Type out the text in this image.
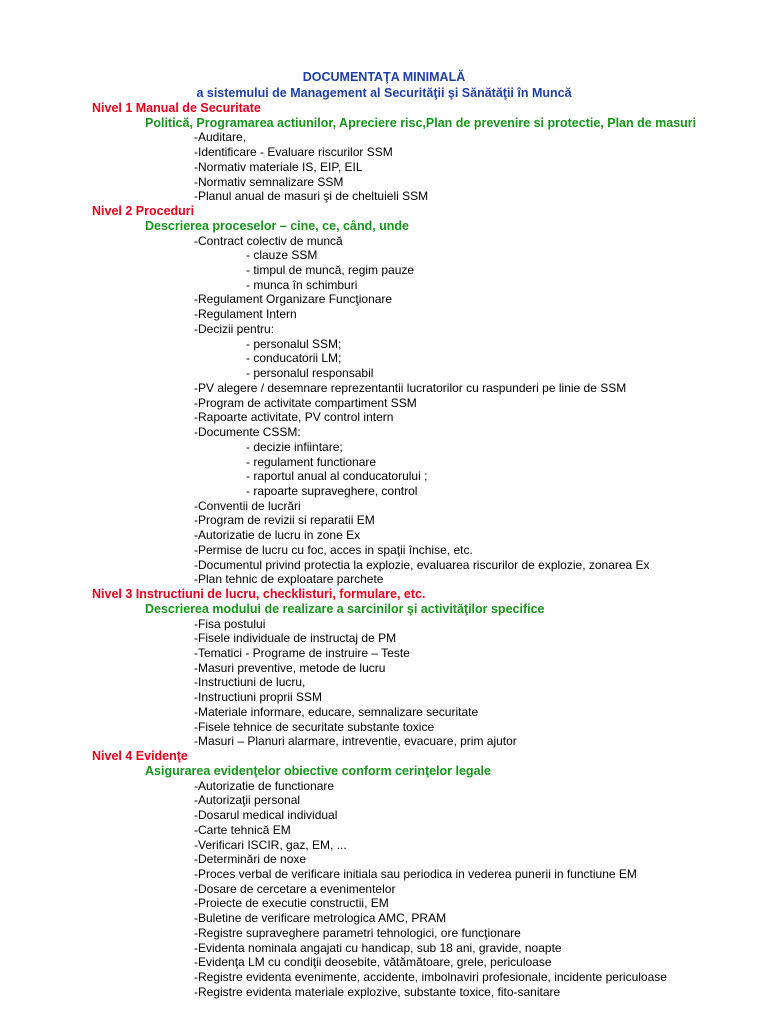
DOCUMENTAŢA MINIMALĂ
a sistemului de Management al Securităţii şi Sănătăţii în Muncă
Nivel 1 Manual de Securitate
Politică, Programarea actiunilor, Apreciere risc,Plan de prevenire si protectie, Plan de masuri
-Auditare,
-Identificare - Evaluare riscurilor SSM
-Normativ materiale IS, EIP, EIL
-Normativ semnalizare SSM
-Planul anual de masuri şi de cheltuieli SSM
Nivel 2 Proceduri
Descrierea proceselor – cine, ce, când, unde
-Contract colectiv de muncă
- clauze SSM
- timpul de muncă, regim pauze
- munca în schimburi
-Regulament Organizare Funcţionare
-Regulament Intern
-Decizii pentru:
- personalul SSM;
- conducatorii LM;
- personalul responsabil
-PV alegere / desemnare reprezentantii lucratorilor cu raspunderi pe linie de SSM
-Program de activitate compartiment SSM
-Rapoarte activitate, PV control intern
-Documente CSSM:
- decizie infiintare;
- regulament functionare
- raportul anual al conducatorului ;
- rapoarte supraveghere, control
-Conventii de lucrări
-Program de revizii si reparatii EM
-Autorizatie de lucru in zone Ex
-Permise de lucru cu foc, acces in spaţii închise, etc.
-Documentul privind protectia la explozie, evaluarea riscurilor de explozie, zonarea Ex
-Plan tehnic de exploatare parchete
Nivel 3 Instructiuni de lucru, checklisturi, formulare, etc.
Descrierea modului de realizare a sarcinilor şi activităţilor specifice
-Fisa postului
-Fisele individuale de instructaj de PM
-Tematici - Programe de instruire – Teste
-Masuri preventive, metode de lucru
-Instructiuni de lucru,
-Instructiuni proprii SSM
-Materiale informare, educare, semnalizare securitate
-Fisele tehnice de securitate substante toxice
-Masuri – Planuri alarmare, intreventie, evacuare, prim ajutor
Nivel 4 Evidenţe
Asigurarea evidenţelor obiective conform cerinţelor legale
-Autorizatie de functionare
-Autorizaţii personal
-Dosarul medical individual
-Carte tehnică EM
-Verificari ISCIR, gaz, EM, ...
-Determinări de noxe
-Proces verbal de verificare initiala sau periodica in vederea punerii in functiune EM
-Dosare de cercetare a evenimentelor
-Proiecte de executie constructii, EM
-Buletine de verificare metrologica AMC, PRAM
-Registre supraveghere parametri tehnologici, ore funcţionare
-Evidenta nominala angajati cu handicap, sub 18 ani, gravide, noapte
-Evidenţa LM cu condiţii deosebite, vătămătoare, grele, periculoase
-Registre evidenta evenimente, accidente, imbolnaviri profesionale, incidente periculoase
-Registre evidenta materiale explozive, substante toxice, fito-sanitare
